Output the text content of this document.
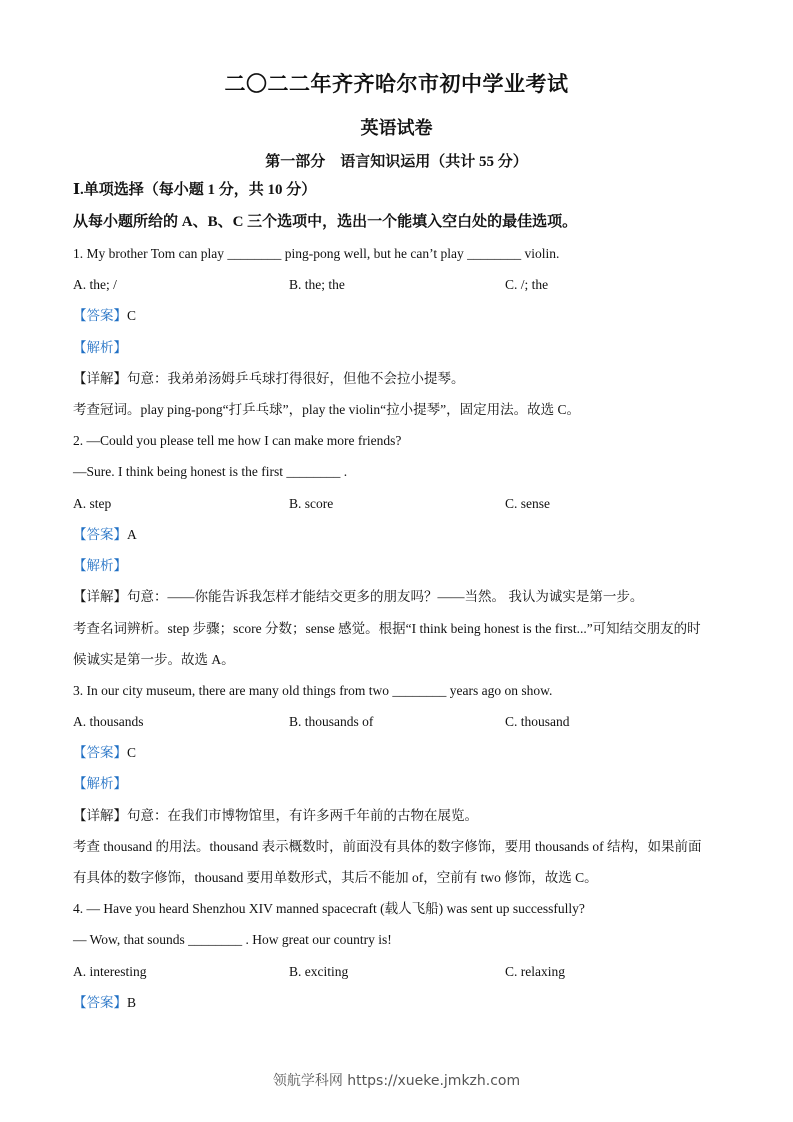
二〇二二年齐齐哈尔市初中学业考试
英语试卷
第一部分　语言知识运用（共计 55 分）
Ⅰ.单项选择（每小题 1 分，共 10 分）
从每小题所给的 A、B、C 三个选项中，选出一个能填入空白处的最佳选项。
1. My brother Tom can play ________ ping-pong well, but he can’t play ________ violin.
A. the; /	B. the; the	C. /; the
【答案】C
【解析】
【详解】句意：我弟弟汤姆乒乓球打得很好，但他不会拉小提琴。
考查冠词。play ping-pong“打乒乓球”，play the violin“拉小提琴”，固定用法。故选 C。
2. —Could you please tell me how I can make more friends?
—Sure. I think being honest is the first ________ .
A. step	B. score	C. sense
【答案】A
【解析】
【详解】句意：——你能告诉我怎样才能结交更多的朋友吗？——当然。 我认为诚实是第一步。
考查名词辨析。step 步骤；score 分数；sense 感觉。根据“I think being honest is the first...”可知结交朋友的时
候诚实是第一步。故选 A。
3. In our city museum, there are many old things from two ________ years ago on show.
A. thousands	B. thousands of	C. thousand
【答案】C
【解析】
【详解】句意：在我们市博物馆里，有许多两千年前的古物在展览。
考查 thousand 的用法。thousand 表示概数时，前面没有具体的数字修饰，要用 thousands of 结构，如果前面
有具体的数字修饰，thousand 要用单数形式，其后不能加 of，空前有 two 修饰，故选 C。
4. — Have you heard Shenzhou XIV manned spacecraft (载人飞船) was sent up successfully?
— Wow, that sounds ________ . How great our country is!
A. interesting	B. exciting	C. relaxing
【答案】B
领航学科网 https://xueke.jmkzh.com
